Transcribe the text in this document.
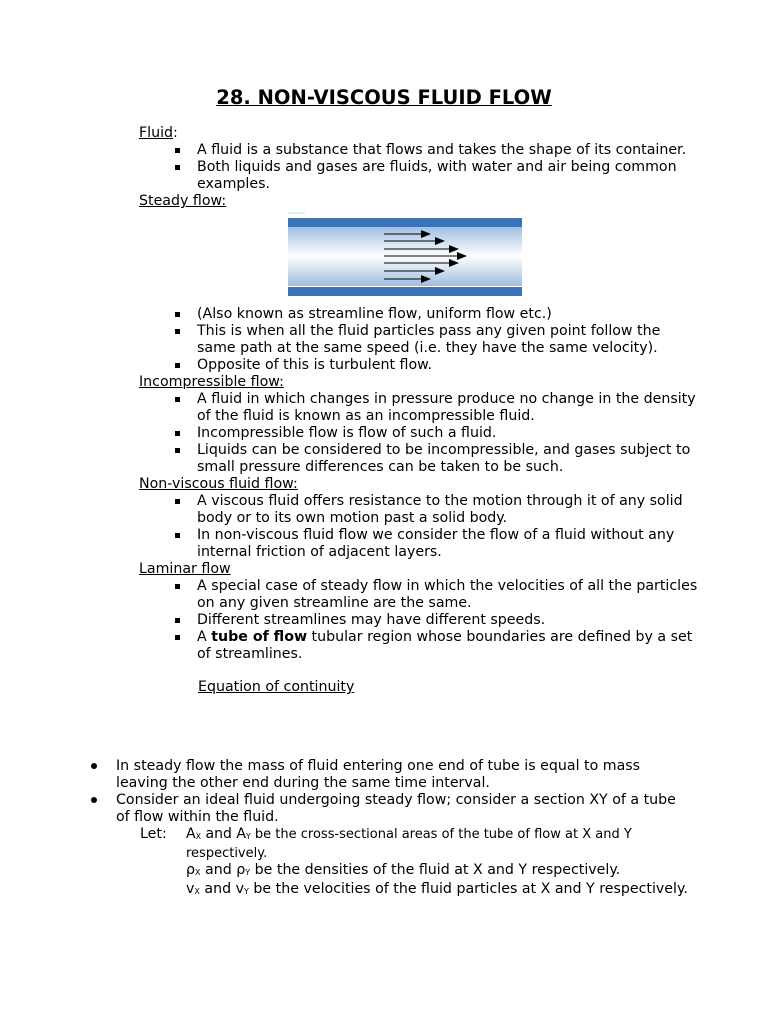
28. NON-VISCOUS FLUID FLOW

Fluid:

A fluid is a substance that flows and takes the shape of its container.
Both liquids and gases are fluids, with water and air being common examples.

Steady flow:

(Also known as streamline flow, uniform flow etc.)
This is when all the fluid particles pass any given point follow the same path at the same speed (i.e. they have the same velocity).
Opposite of this is turbulent flow.

Incompressible flow:

A fluid in which changes in pressure produce no change in the density of the fluid is known as an incompressible fluid.
Incompressible flow is flow of such a fluid.
Liquids can be considered to be incompressible, and gases subject to small pressure differences can be taken to be such.

Non-viscous fluid flow:

A viscous fluid offers resistance to the motion through it of any solid body or to its own motion past a solid body.
In non-viscous fluid flow we consider the flow of a fluid without any internal friction of adjacent layers.

Laminar flow

A special case of steady flow in which the velocities of all the particles on any given streamline are the same.
Different streamlines may have different speeds.
A tube of flow tubular region whose boundaries are defined by a set of streamlines.

Equation of continuity

In steady flow the mass of fluid entering one end of tube is equal to mass leaving the other end during the same time interval.
Consider an ideal fluid undergoing steady flow; consider a section XY of a tube of flow within the fluid.
Let: $A_X$ and $A_Y$ be the cross-sectional areas of the tube of flow at X and Y respectively.
$\rho_X$ and $\rho_Y$ be the densities of the fluid at X and Y respectively.
$v_X$ and $v_Y$ be the velocities of the fluid particles at X and Y respectively.
